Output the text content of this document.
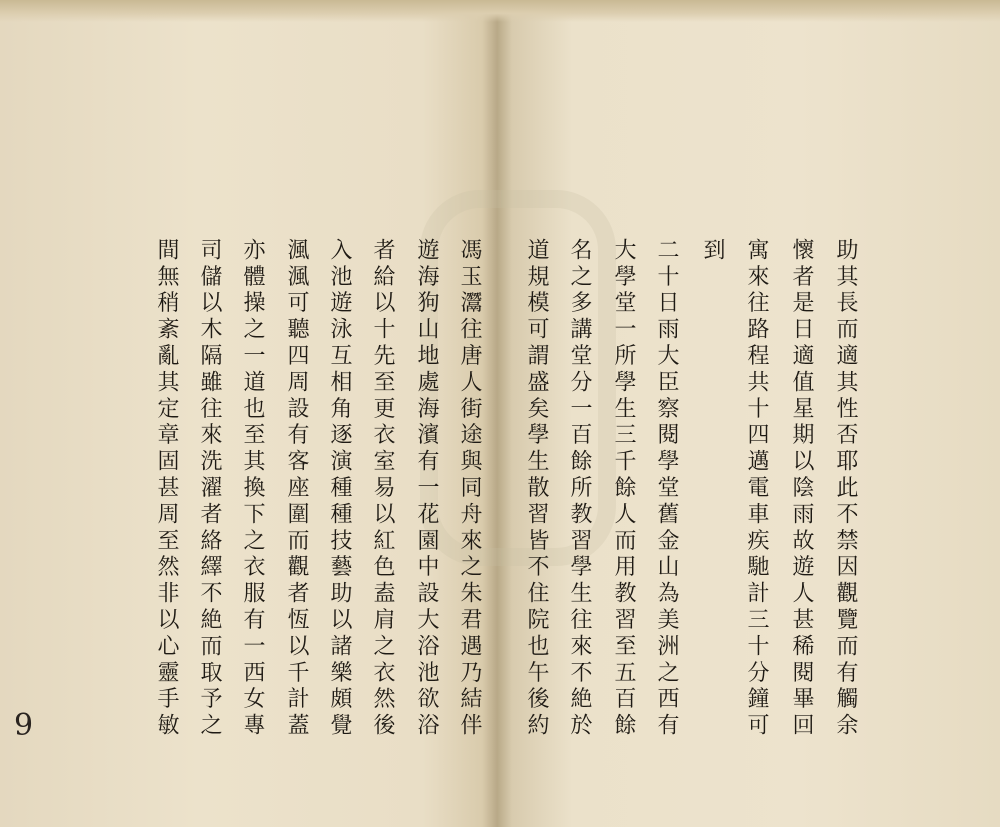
助其長而適其性否耶此不禁因觀覽而有觸余
懷者是日適值星期以陰雨故遊人甚稀閱畢回
寓來往路程共十四邁電車疾馳計三十分鐘可
到
二十日雨大臣察閱學堂舊金山為美洲之西有
大學堂一所學生三千餘人而用教習至五百餘
名之多講堂分一百餘所教習學生往來不絶於
道規模可謂盛矣學生散習皆不住院也午後約
馮玉灊往唐人街途與同舟來之朱君遇乃結伴
遊海狗山地處海濱有一花園中設大浴池欲浴
者給以十先至更衣室易以紅色盍肩之衣然後
入池遊泳互相角逐演種種技藝助以諸樂頗覺
渢渢可聽四周設有客座圍而觀者恆以千計蓋
亦體操之一道也至其換下之衣服有一西女專
司儲以木隔雖往來洗濯者絡繹不絶而取予之
間無稍紊亂其定章固甚周至然非以心靈手敏
9
